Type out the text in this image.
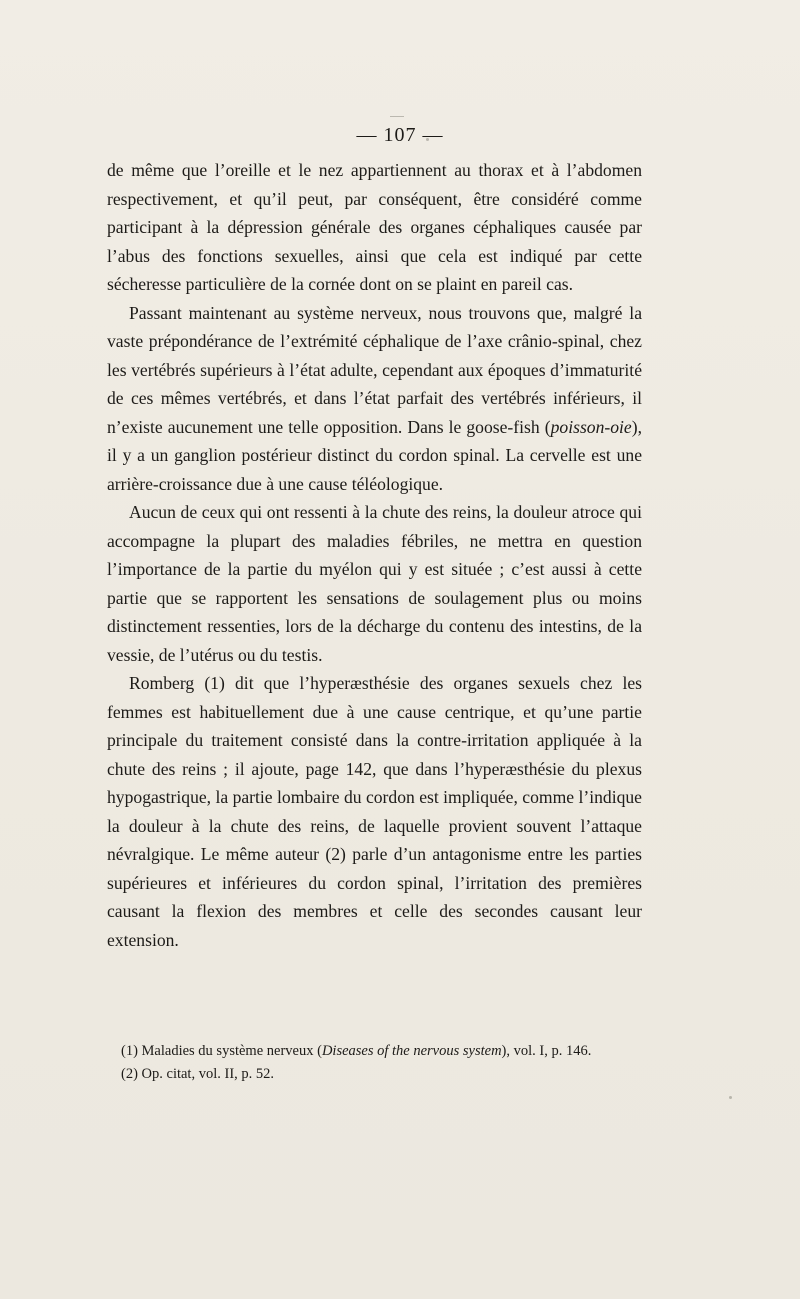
— 107 —

de même que l’oreille et le nez appartiennent au thorax et à l’abdomen respectivement, et qu’il peut, par conséquent, être considéré comme participant à la dépression générale des organes céphaliques causée par l’abus des fonctions sexuelles, ainsi que cela est indiqué par cette sécheresse particulière de la cornée dont on se plaint en pareil cas.

Passant maintenant au système nerveux, nous trouvons que, malgré la vaste prépondérance de l’extrémité céphalique de l’axe crânio-spinal, chez les vertébrés supérieurs à l’état adulte, cependant aux époques d’immaturité de ces mêmes vertébrés, et dans l’état parfait des vertébrés inférieurs, il n’existe aucunement une telle opposition. Dans le goose-fish (poisson-oie), il y a un ganglion postérieur distinct du cordon spinal. La cervelle est une arrière-croissance due à une cause téléologique.

Aucun de ceux qui ont ressenti à la chute des reins, la douleur atroce qui accompagne la plupart des maladies fébriles, ne mettra en question l’importance de la partie du myélon qui y est située ; c’est aussi à cette partie que se rapportent les sensations de soulagement plus ou moins distinctement ressenties, lors de la décharge du contenu des intestins, de la vessie, de l’utérus ou du testis.

Romberg (1) dit que l’hyperæsthésie des organes sexuels chez les femmes est habituellement due à une cause centrique, et qu’une partie principale du traitement consisté dans la contre-irritation appliquée à la chute des reins ; il ajoute, page 142, que dans l’hyperæsthésie du plexus hypogastrique, la partie lombaire du cordon est impliquée, comme l’indique la douleur à la chute des reins, de laquelle provient souvent l’attaque névralgique. Le même auteur (2) parle d’un antagonisme entre les parties supérieures et inférieures du cordon spinal, l’irritation des premières causant la flexion des membres et celle des secondes causant leur extension.

(1) Maladies du système nerveux (Diseases of the nervous system), vol. I, p. 146.

(2) Op. citat, vol. II, p. 52.
